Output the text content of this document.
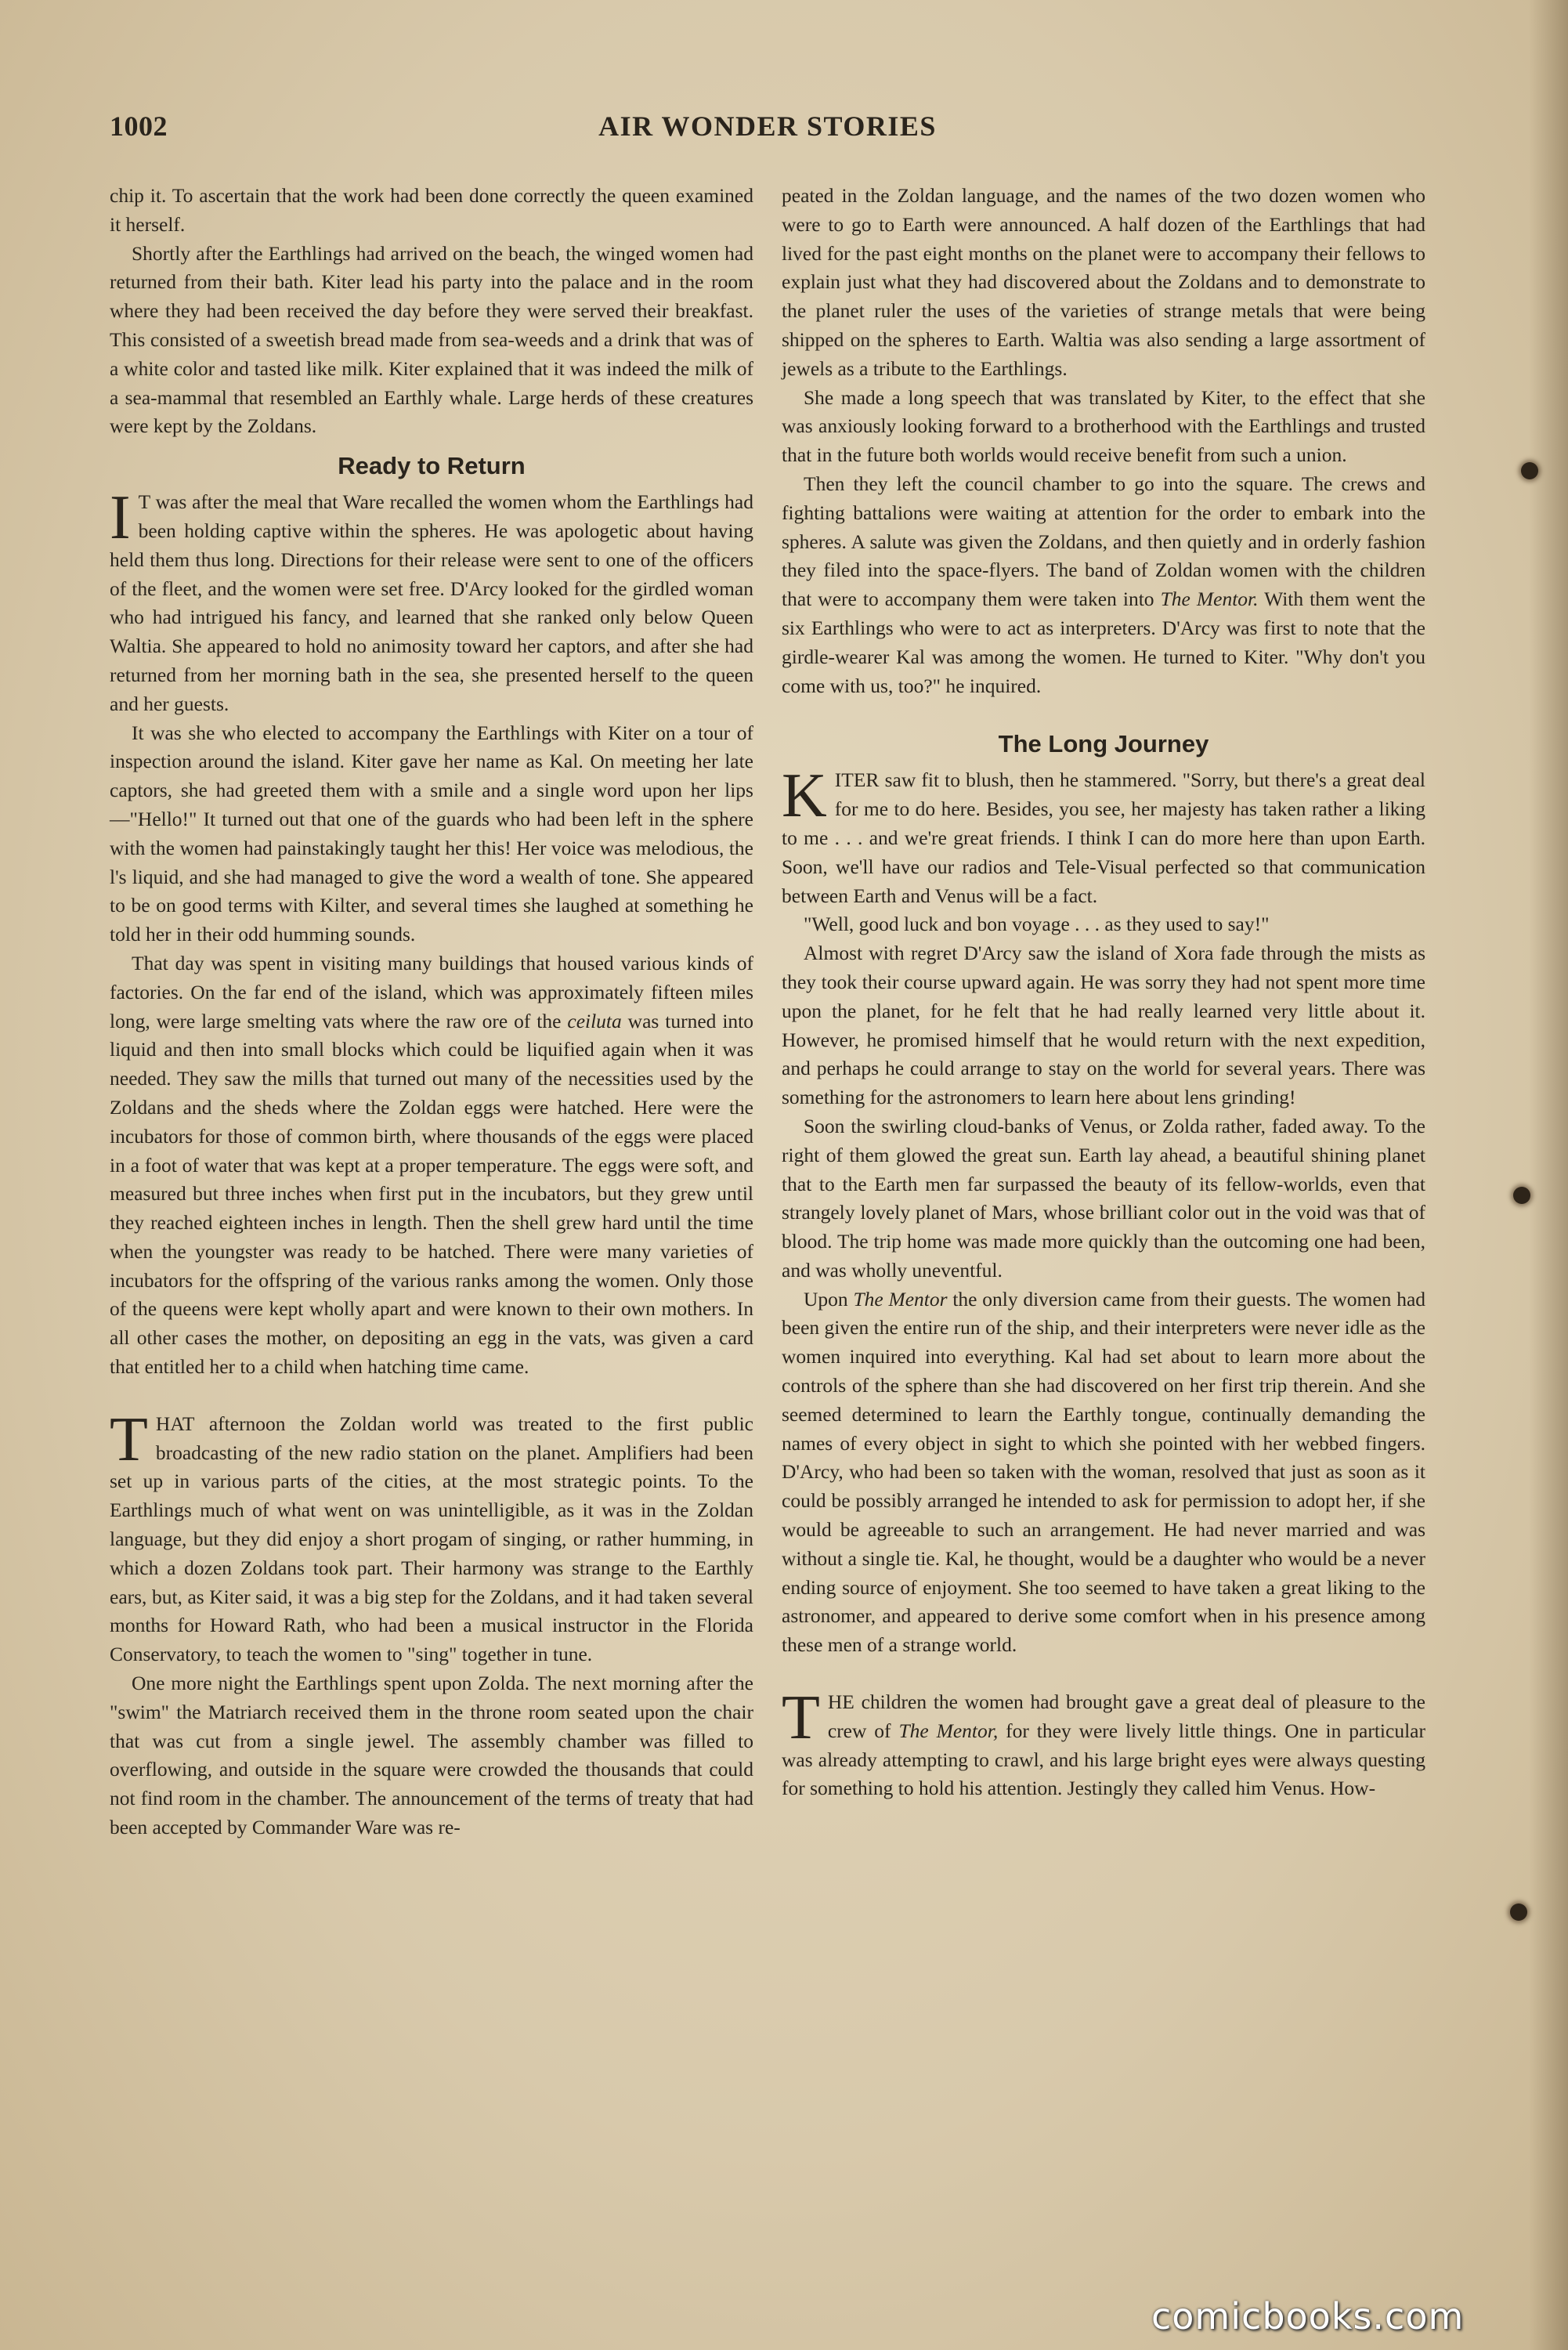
1002	AIR WONDER STORIES

chip it. To ascertain that the work had been done correctly the queen examined it herself.

Shortly after the Earthlings had arrived on the beach, the winged women had returned from their bath. Kiter lead his party into the palace and in the room where they had been received the day before they were served their breakfast. This consisted of a sweetish bread made from sea-weeds and a drink that was of a white color and tasted like milk. Kiter explained that it was indeed the milk of a sea-mammal that resembled an Earthly whale. Large herds of these creatures were kept by the Zoldans.

Ready to Return

I T was after the meal that Ware recalled the women whom the Earthlings had been holding captive within the spheres. He was apologetic about having held them thus long. Directions for their release were sent to one of the officers of the fleet, and the women were set free. D'Arcy looked for the girdled woman who had intrigued his fancy, and learned that she ranked only below Queen Waltia. She appeared to hold no animosity toward her captors, and after she had returned from her morning bath in the sea, she presented herself to the queen and her guests.

It was she who elected to accompany the Earthlings with Kiter on a tour of inspection around the island. Kiter gave her name as Kal. On meeting her late captors, she had greeted them with a smile and a single word upon her lips—"Hello!" It turned out that one of the guards who had been left in the sphere with the women had painstakingly taught her this! Her voice was melodious, the l's liquid, and she had managed to give the word a wealth of tone. She appeared to be on good terms with Kilter, and several times she laughed at something he told her in their odd humming sounds.

That day was spent in visiting many buildings that housed various kinds of factories. On the far end of the island, which was approximately fifteen miles long, were large smelting vats where the raw ore of the ceiluta was turned into liquid and then into small blocks which could be liquified again when it was needed. They saw the mills that turned out many of the necessities used by the Zoldans and the sheds where the Zoldan eggs were hatched. Here were the incubators for those of common birth, where thousands of the eggs were placed in a foot of water that was kept at a proper temperature. The eggs were soft, and measured but three inches when first put in the incubators, but they grew until they reached eighteen inches in length. Then the shell grew hard until the time when the youngster was ready to be hatched. There were many varieties of incubators for the offspring of the various ranks among the women. Only those of the queens were kept wholly apart and were known to their own mothers. In all other cases the mother, on depositing an egg in the vats, was given a card that entitled her to a child when hatching time came.

THAT afternoon the Zoldan world was treated to the first public broadcasting of the new radio station on the planet. Amplifiers had been set up in various parts of the cities, at the most strategic points. To the Earthlings much of what went on was unintelligible, as it was in the Zoldan language, but they did enjoy a short progam of singing, or rather humming, in which a dozen Zoldans took part. Their harmony was strange to the Earthly ears, but, as Kiter said, it was a big step for the Zoldans, and it had taken several months for Howard Rath, who had been a musical instructor in the Florida Conservatory, to teach the women to "sing" together in tune.

One more night the Earthlings spent upon Zolda. The next morning after the "swim" the Matriarch received them in the throne room seated upon the chair that was cut from a single jewel. The assembly chamber was filled to overflowing, and outside in the square were crowded the thousands that could not find room in the chamber. The announcement of the terms of treaty that had been accepted by Commander Ware was re-

peated in the Zoldan language, and the names of the two dozen women who were to go to Earth were announced. A half dozen of the Earthlings that had lived for the past eight months on the planet were to accompany their fellows to explain just what they had discovered about the Zoldans and to demonstrate to the planet ruler the uses of the varieties of strange metals that were being shipped on the spheres to Earth. Waltia was also sending a large assortment of jewels as a tribute to the Earthlings.

She made a long speech that was translated by Kiter, to the effect that she was anxiously looking forward to a brotherhood with the Earthlings and trusted that in the future both worlds would receive benefit from such a union.

Then they left the council chamber to go into the square. The crews and fighting battalions were waiting at attention for the order to embark into the spheres. A salute was given the Zoldans, and then quietly and in orderly fashion they filed into the space-flyers. The band of Zoldan women with the children that were to accompany them were taken into The Mentor. With them went the six Earthlings who were to act as interpreters. D'Arcy was first to note that the girdle-wearer Kal was among the women. He turned to Kiter. "Why don't you come with us, too?" he inquired.

The Long Journey

KITER saw fit to blush, then he stammered. "Sorry, but there's a great deal for me to do here. Besides, you see, her majesty has taken rather a liking to me . . . and we're great friends. I think I can do more here than upon Earth. Soon, we'll have our radios and Tele-Visual perfected so that communication between Earth and Venus will be a fact.

"Well, good luck and bon voyage . . . as they used to say!"

Almost with regret D'Arcy saw the island of Xora fade through the mists as they took their course upward again. He was sorry they had not spent more time upon the planet, for he felt that he had really learned very little about it. However, he promised himself that he would return with the next expedition, and perhaps he could arrange to stay on the world for several years. There was something for the astronomers to learn here about lens grinding!

Soon the swirling cloud-banks of Venus, or Zolda rather, faded away. To the right of them glowed the great sun. Earth lay ahead, a beautiful shining planet that to the Earth men far surpassed the beauty of its fellow-worlds, even that strangely lovely planet of Mars, whose brilliant color out in the void was that of blood. The trip home was made more quickly than the outcoming one had been, and was wholly uneventful.

Upon The Mentor the only diversion came from their guests. The women had been given the entire run of the ship, and their interpreters were never idle as the women inquired into everything. Kal had set about to learn more about the controls of the sphere than she had discovered on her first trip therein. And she seemed determined to learn the Earthly tongue, continually demanding the names of every object in sight to which she pointed with her webbed fingers. D'Arcy, who had been so taken with the woman, resolved that just as soon as it could be possibly arranged he intended to ask for permission to adopt her, if she would be agreeable to such an arrangement. He had never married and was without a single tie. Kal, he thought, would be a daughter who would be a never ending source of enjoyment. She too seemed to have taken a great liking to the astronomer, and appeared to derive some comfort when in his presence among these men of a strange world.

THE children the women had brought gave a great deal of pleasure to the crew of The Mentor, for they were lively little things. One in particular was already attempting to crawl, and his large bright eyes were always questing for something to hold his attention. Jestingly they called him Venus. How-

comicbooks.com
